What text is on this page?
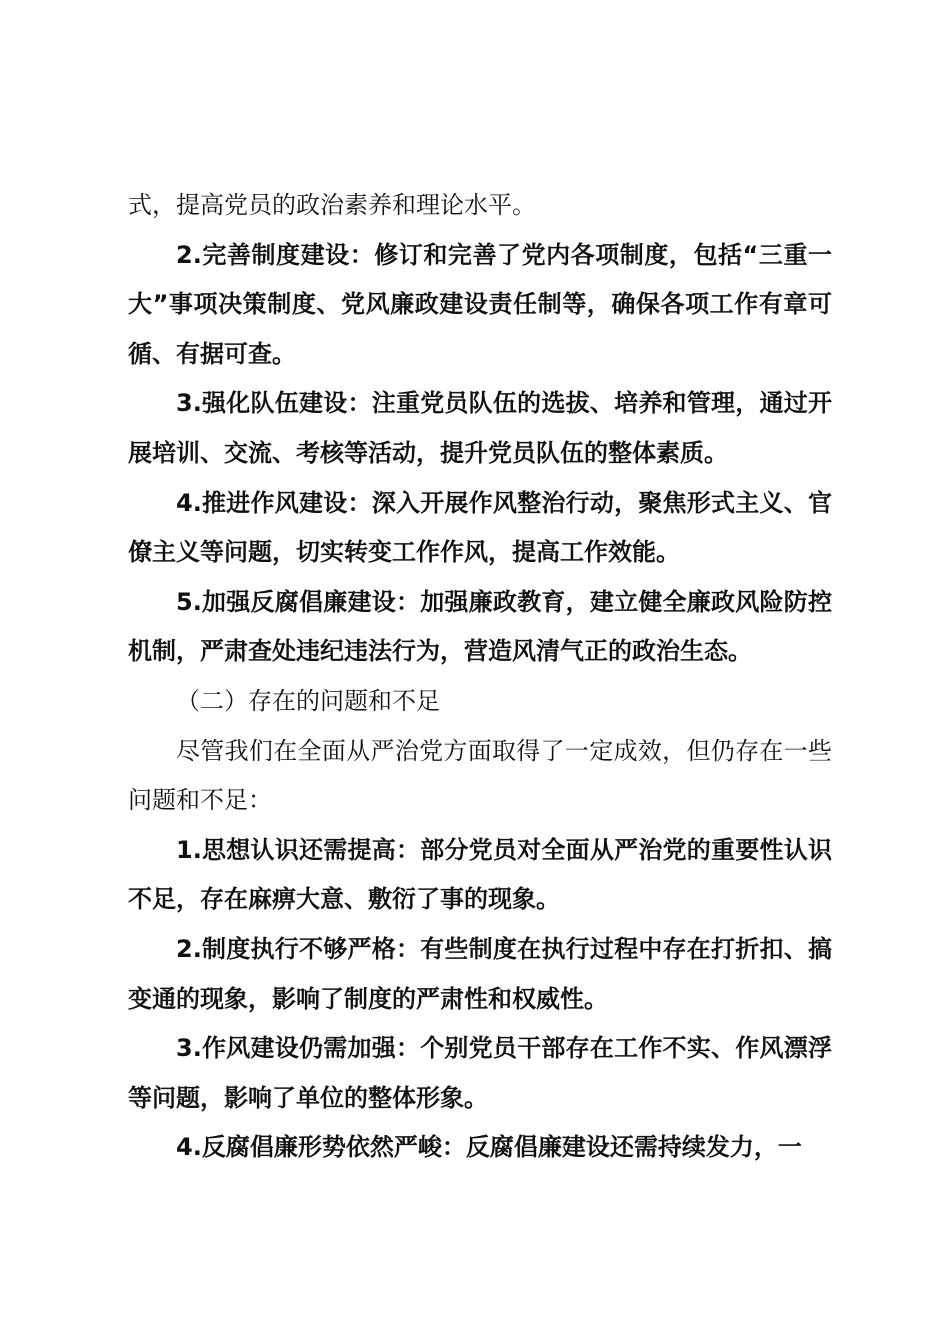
式，提高党员的政治素养和理论水平。

2.完善制度建设：修订和完善了党内各项制度，包括“三重一大”事项决策制度、党风廉政建设责任制等，确保各项工作有章可循、有据可查。

3.强化队伍建设：注重党员队伍的选拔、培养和管理，通过开展培训、交流、考核等活动，提升党员队伍的整体素质。

4.推进作风建设：深入开展作风整治行动，聚焦形式主义、官僚主义等问题，切实转变工作作风，提高工作效能。

5.加强反腐倡廉建设：加强廉政教育，建立健全廉政风险防控机制，严肃查处违纪违法行为，营造风清气正的政治生态。

（二）存在的问题和不足

尽管我们在全面从严治党方面取得了一定成效，但仍存在一些问题和不足：

1.思想认识还需提高：部分党员对全面从严治党的重要性认识不足，存在麻痹大意、敷衍了事的现象。

2.制度执行不够严格：有些制度在执行过程中存在打折扣、搞变通的现象，影响了制度的严肃性和权威性。

3.作风建设仍需加强：个别党员干部存在工作不实、作风漂浮等问题，影响了单位的整体形象。

4.反腐倡廉形势依然严峻：反腐倡廉建设还需持续发力，一
